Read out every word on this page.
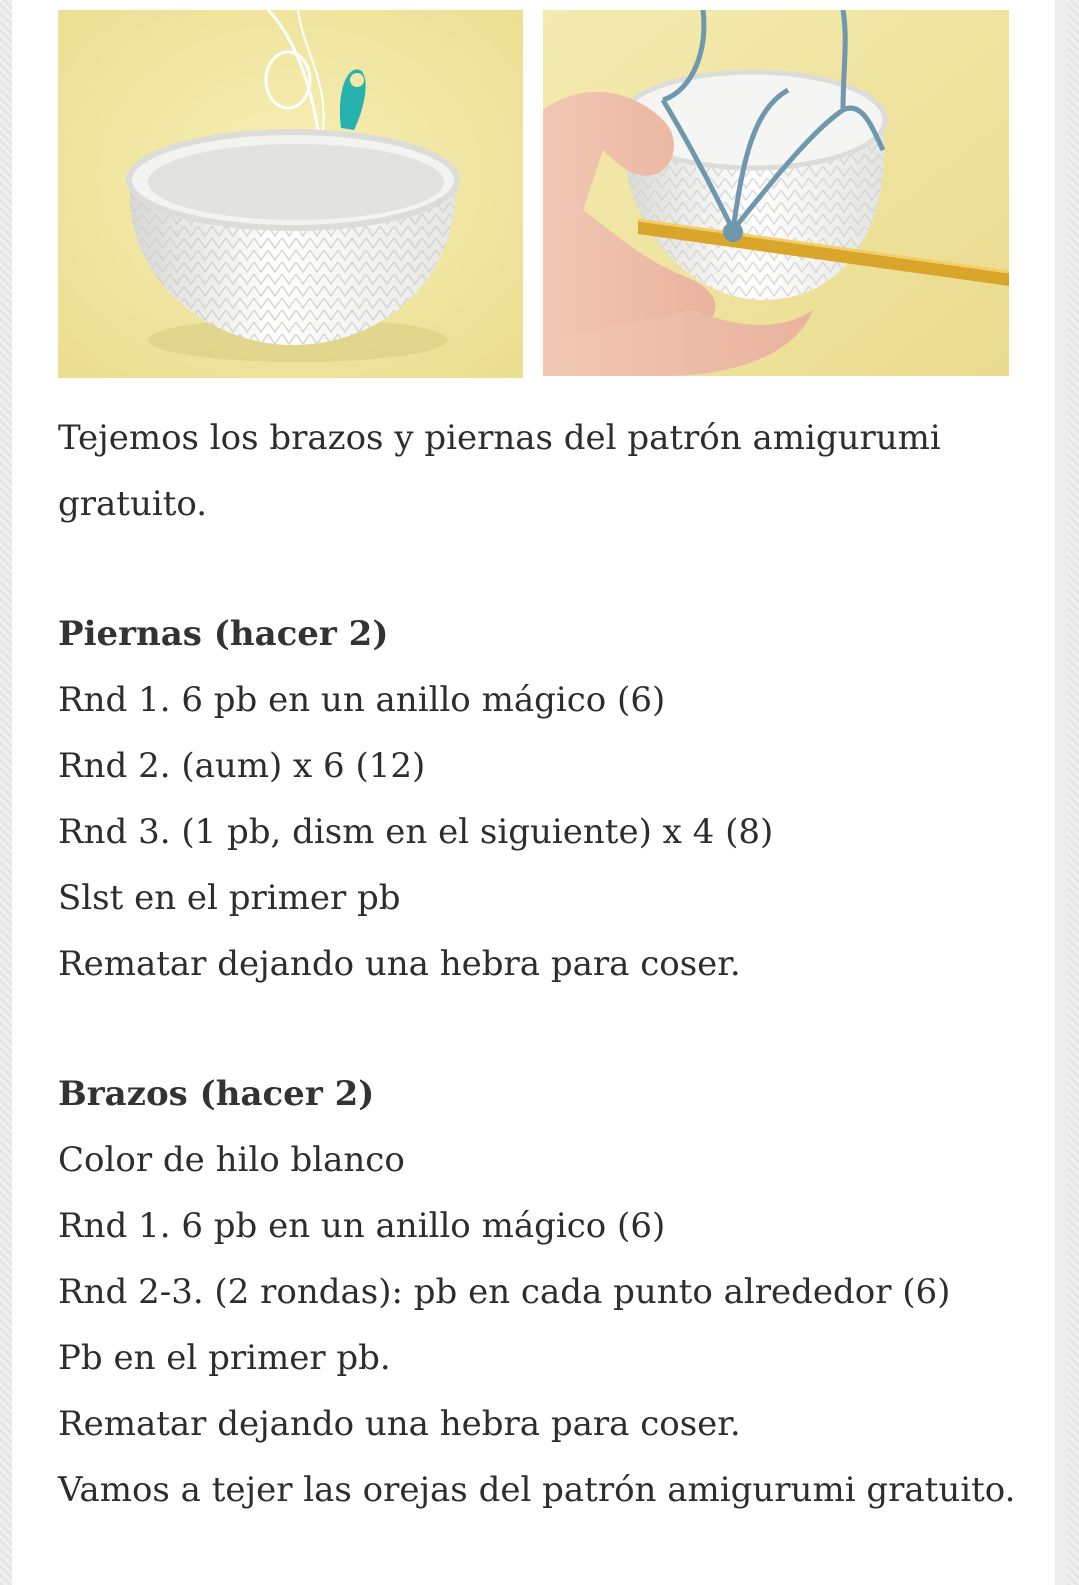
Tejemos los brazos y piernas del patrón amigurumi gratuito.

Piernas (hacer 2)

Rnd 1. 6 pb en un anillo mágico (6)

Rnd 2. (aum) x 6 (12)

Rnd 3. (1 pb, dism en el siguiente) x 4 (8)

Slst en el primer pb

Rematar dejando una hebra para coser.

Brazos (hacer 2)

Color de hilo blanco

Rnd 1. 6 pb en un anillo mágico (6)

Rnd 2-3. (2 rondas): pb en cada punto alrededor (6)

Pb en el primer pb.

Rematar dejando una hebra para coser.

Vamos a tejer las orejas del patrón amigurumi gratuito.
